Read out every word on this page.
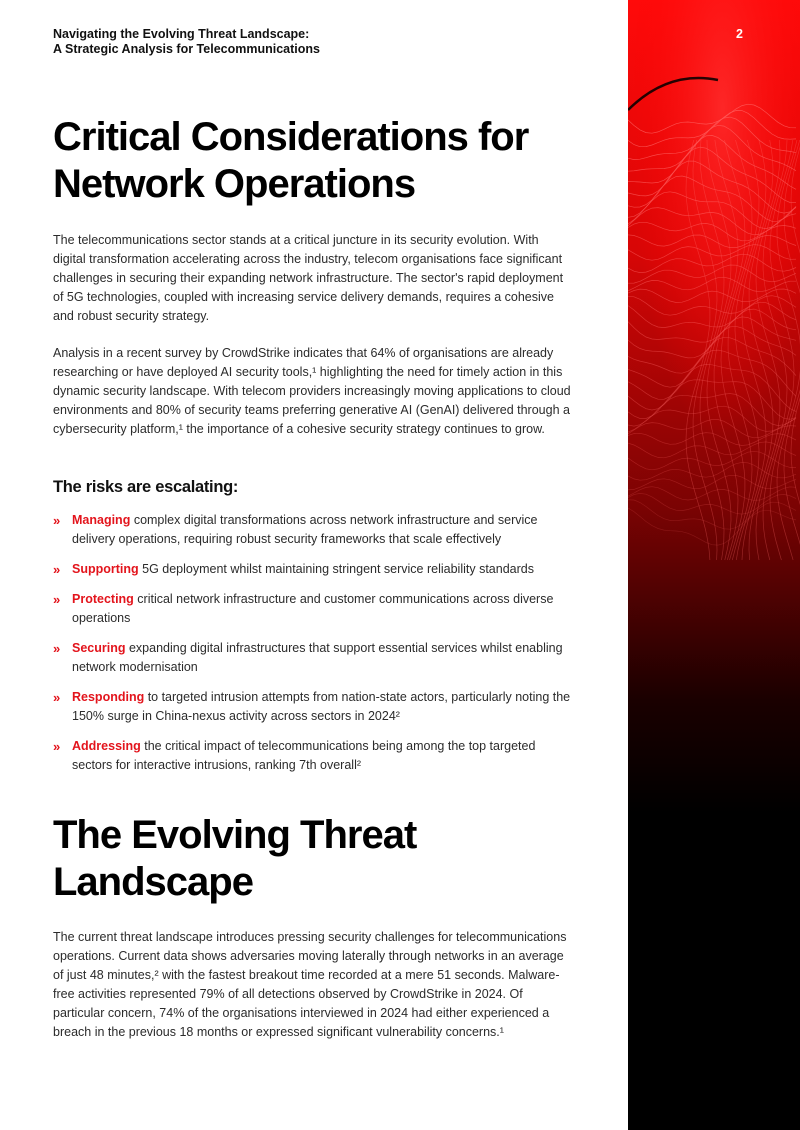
Navigating the Evolving Threat Landscape:
A Strategic Analysis for Telecommunications
2
Critical Considerations for
Network Operations

The telecommunications sector stands at a critical juncture in its security evolution. With digital transformation accelerating across the industry, telecom organisations face significant challenges in securing their expanding network infrastructure. The sector's rapid deployment of 5G technologies, coupled with increasing service delivery demands, requires a cohesive and robust security strategy.

Analysis in a recent survey by CrowdStrike indicates that 64% of organisations are already researching or have deployed AI security tools,¹ highlighting the need for timely action in this dynamic security landscape. With telecom providers increasingly moving applications to cloud environments and 80% of security teams preferring generative AI (GenAI) delivered through a cybersecurity platform,¹ the importance of a cohesive security strategy continues to grow.

The risks are escalating:
» Managing complex digital transformations across network infrastructure and service delivery operations, requiring robust security frameworks that scale effectively
» Supporting 5G deployment whilst maintaining stringent service reliability standards
» Protecting critical network infrastructure and customer communications across diverse operations
» Securing expanding digital infrastructures that support essential services whilst enabling network modernisation
» Responding to targeted intrusion attempts from nation-state actors, particularly noting the 150% surge in China-nexus activity across sectors in 2024²
» Addressing the critical impact of telecommunications being among the top targeted sectors for interactive intrusions, ranking 7th overall²
The Evolving Threat
Landscape

The current threat landscape introduces pressing security challenges for telecommunications operations. Current data shows adversaries moving laterally through networks in an average of just 48 minutes,² with the fastest breakout time recorded at a mere 51 seconds. Malware-free activities represented 79% of all detections observed by CrowdStrike in 2024. Of particular concern, 74% of the organisations interviewed in 2024 had either experienced a breach in the previous 18 months or expressed significant vulnerability concerns.¹
